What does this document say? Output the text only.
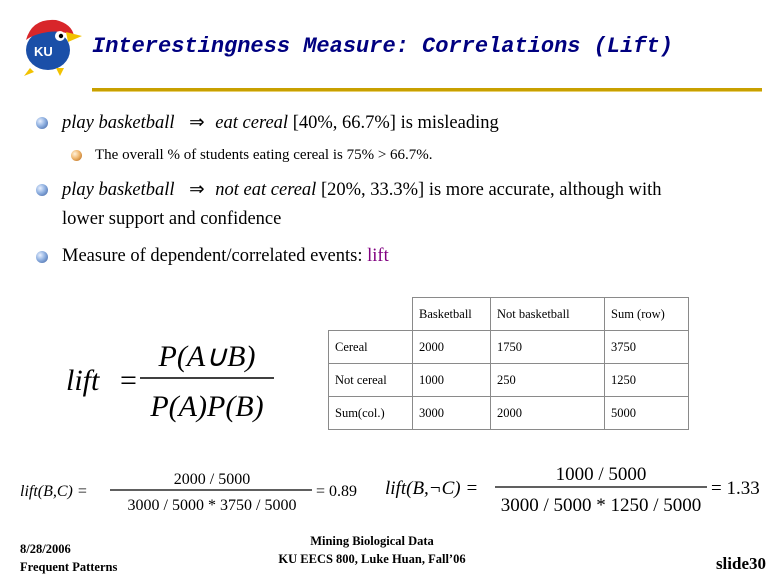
KU Interestingness Measure: Correlations (Lift)
play basketball ⇒ eat cereal [40%, 66.7%] is misleading
The overall % of students eating cereal is 75% > 66.7%.
play basketball ⇒ not eat cereal [20%, 33.3%] is more accurate, although with
lower support and confidence
Measure of dependent/correlated events: lift
lift =
P(A∪B)
P(A)P(B)
	Basketball	Not basketball	Sum (row)
Cereal	2000	1750	3750
Not cereal	1000	250	1250
Sum(col.)	3000	2000	5000
lift(B,C) =
2000 / 5000
3000 / 5000 * 3750 / 5000
= 0.89 lift(B,¬C) =
1000 / 5000
3000 / 5000 * 1250 / 5000
= 1.33
8/28/2006
Frequent Patterns
Mining Biological Data
KU EECS 800, Luke Huan, Fall’06	slide30
